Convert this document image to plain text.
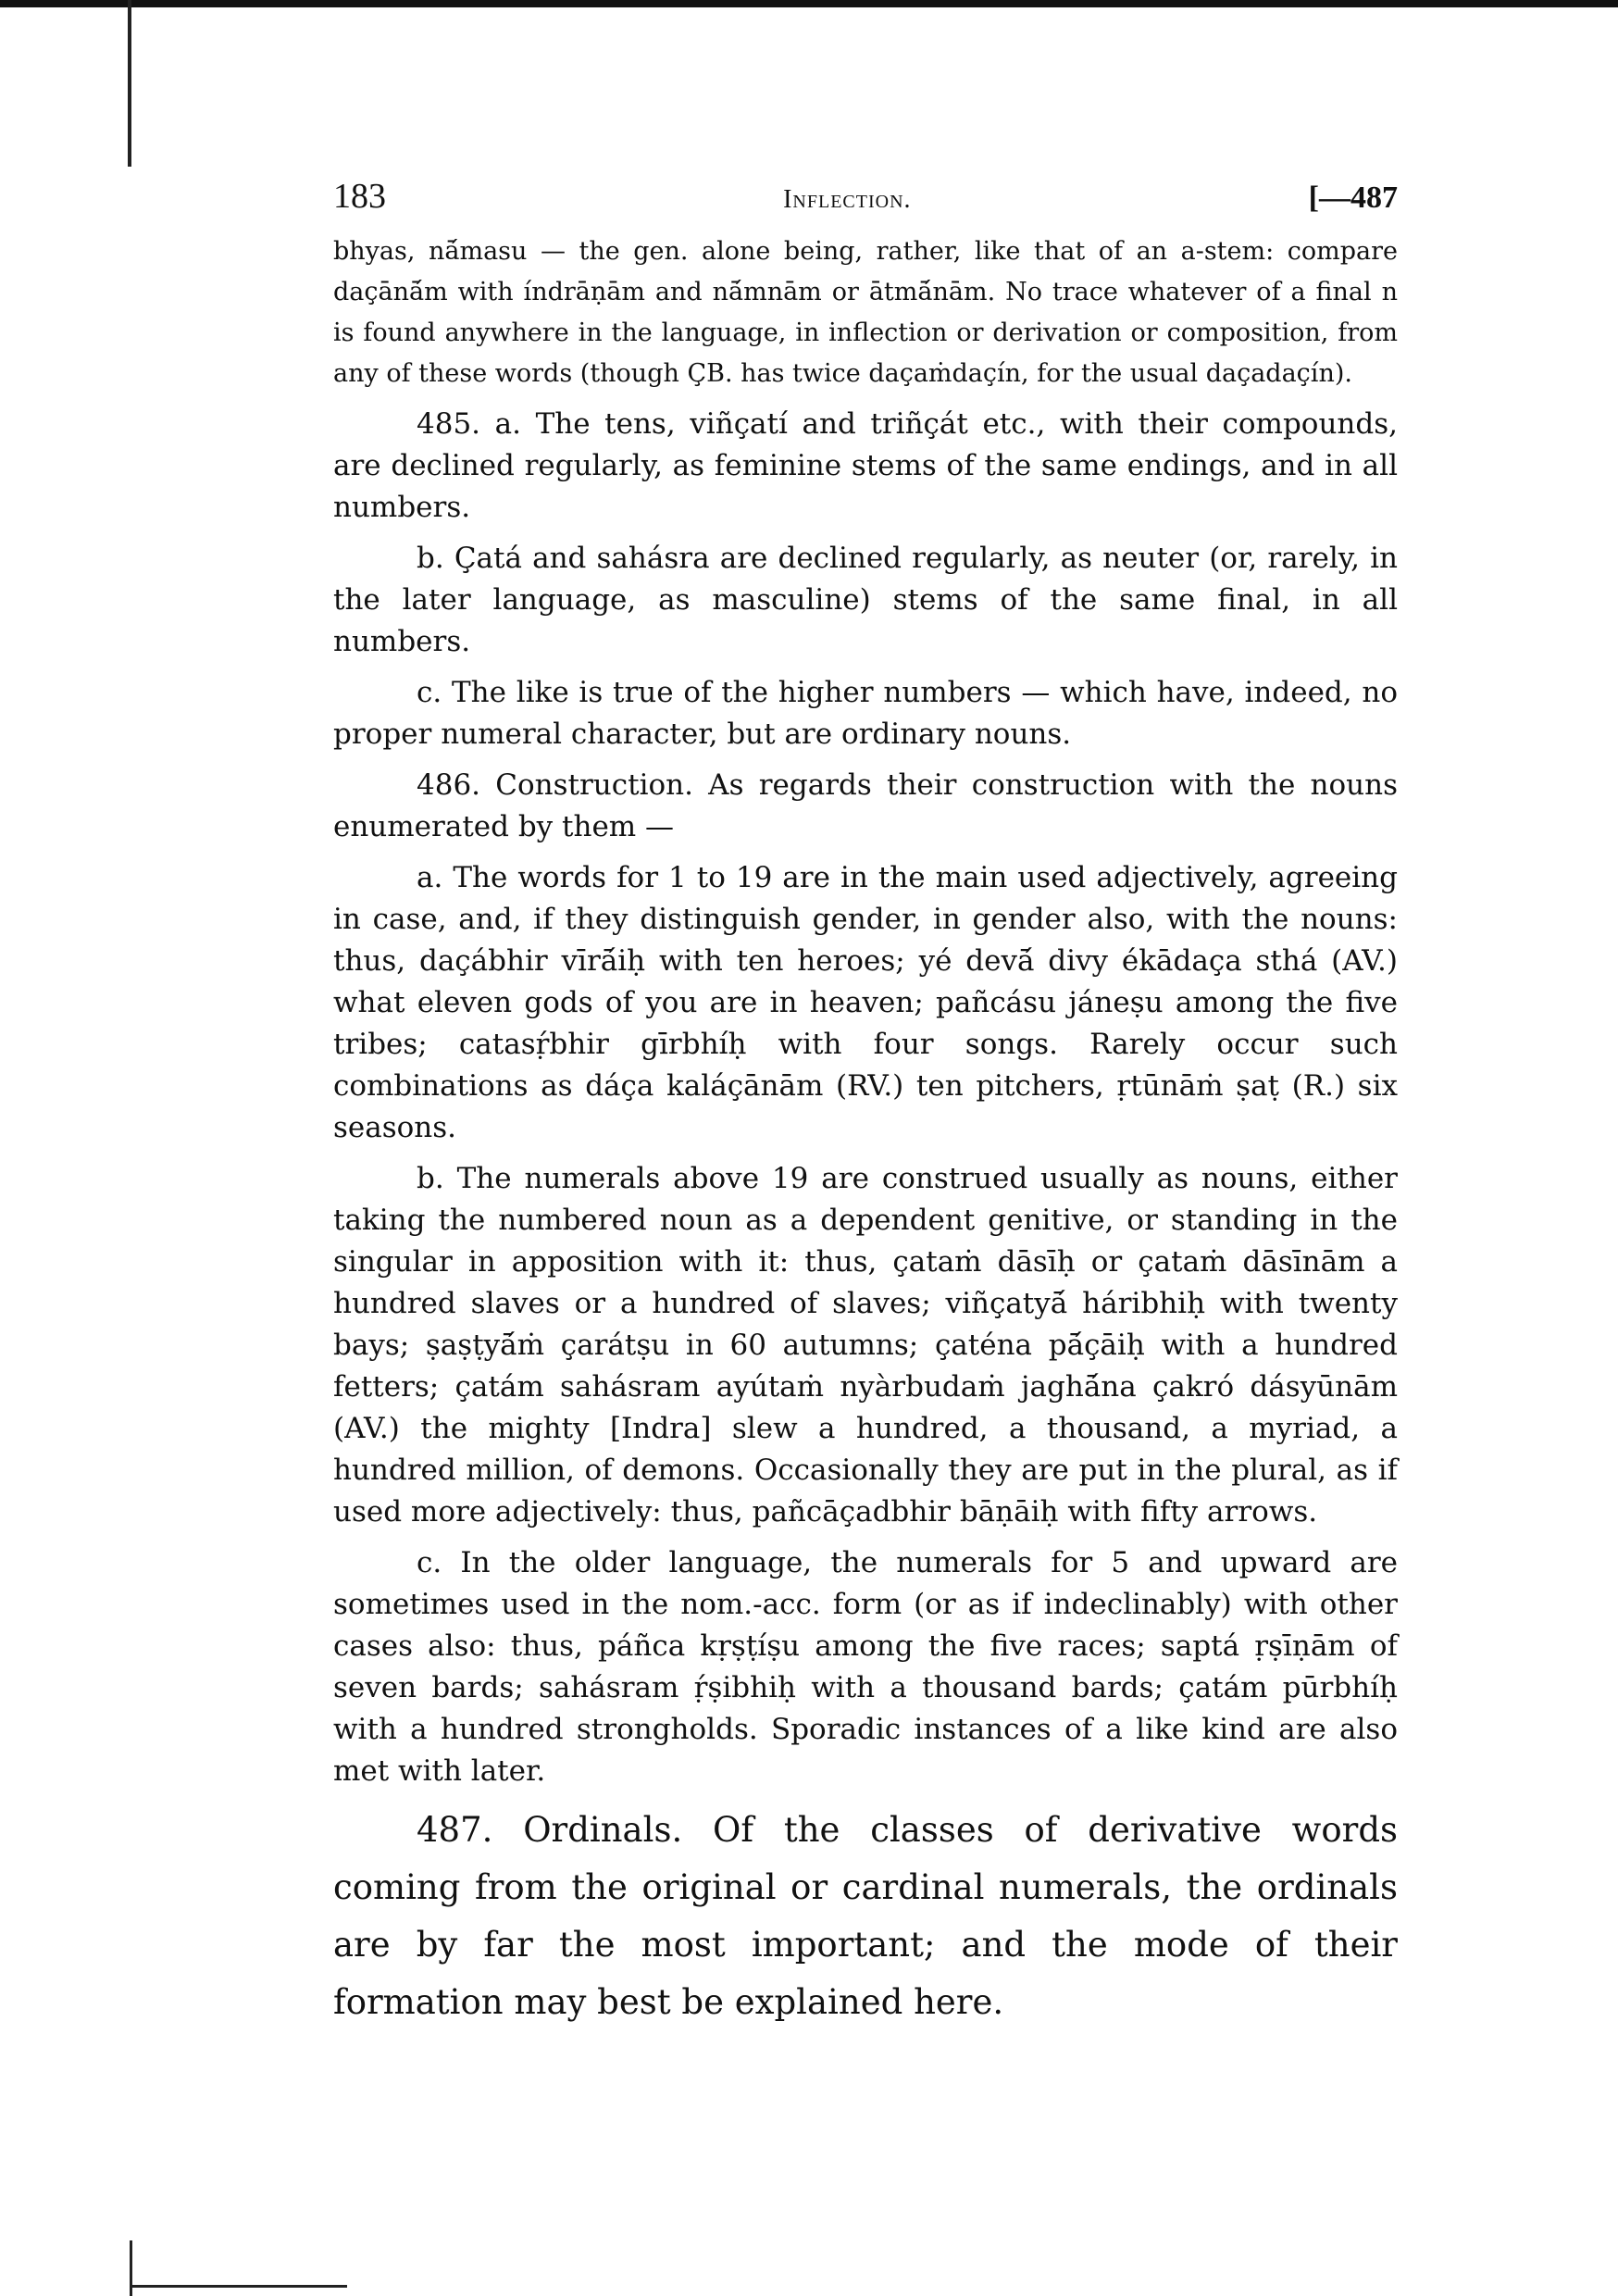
183	Inflection.	[—487

bhyas, nā́masu — the gen. alone being, rather, like that of an a-stem: compare daçānā́m with índrāṇām and nā́mnām or ātmā́nām. No trace whatever of a final n is found anywhere in the language, in inflection or derivation or composition, from any of these words (though ÇB. has twice daçaṁdaçín, for the usual daçadaçín).

485. a. The tens, viñçatí and triñçát etc., with their compounds, are declined regularly, as feminine stems of the same endings, and in all numbers.

b. Çatá and sahásra are declined regularly, as neuter (or, rarely, in the later language, as masculine) stems of the same final, in all numbers.

c. The like is true of the higher numbers — which have, indeed, no proper numeral character, but are ordinary nouns.

486. Construction. As regards their construction with the nouns enumerated by them —

a. The words for 1 to 19 are in the main used adjectively, agreeing in case, and, if they distinguish gender, in gender also, with the nouns: thus, daçábhir vīrā́iḥ with ten heroes; yé devā́ divy ékādaça sthá (AV.) what eleven gods of you are in heaven; pañcásu jáneṣu among the five tribes; catasṛ́bhir gīrbhíḥ with four songs. Rarely occur such combinations as dáça kaláçānām (RV.) ten pitchers, ṛtūnāṁ ṣaṭ (R.) six seasons.

b. The numerals above 19 are construed usually as nouns, either taking the numbered noun as a dependent genitive, or standing in the singular in apposition with it: thus, çataṁ dāsīḥ or çataṁ dāsīnām a hundred slaves or a hundred of slaves; viñçatyā́ háribhiḥ with twenty bays; ṣaṣṭyā́ṁ çarátṣu in 60 autumns; çaténa pā́çāiḥ with a hundred fetters; çatám sahásram ayútaṁ nyàrbudaṁ jaghā́na çakró dásyūnām (AV.) the mighty [Indra] slew a hundred, a thousand, a myriad, a hundred million, of demons. Occasionally they are put in the plural, as if used more adjectively: thus, pañcāçadbhir bāṇāiḥ with fifty arrows.

c. In the older language, the numerals for 5 and upward are sometimes used in the nom.-acc. form (or as if indeclinably) with other cases also: thus, páñca kṛṣṭíṣu among the five races; saptá ṛṣīṇām of seven bards; sahásram ṛ́ṣibhiḥ with a thousand bards; çatám pūrbhíḥ with a hundred strongholds. Sporadic instances of a like kind are also met with later.

487. Ordinals. Of the classes of derivative words coming from the original or cardinal numerals, the ordinals are by far the most important; and the mode of their formation may best be explained here.
